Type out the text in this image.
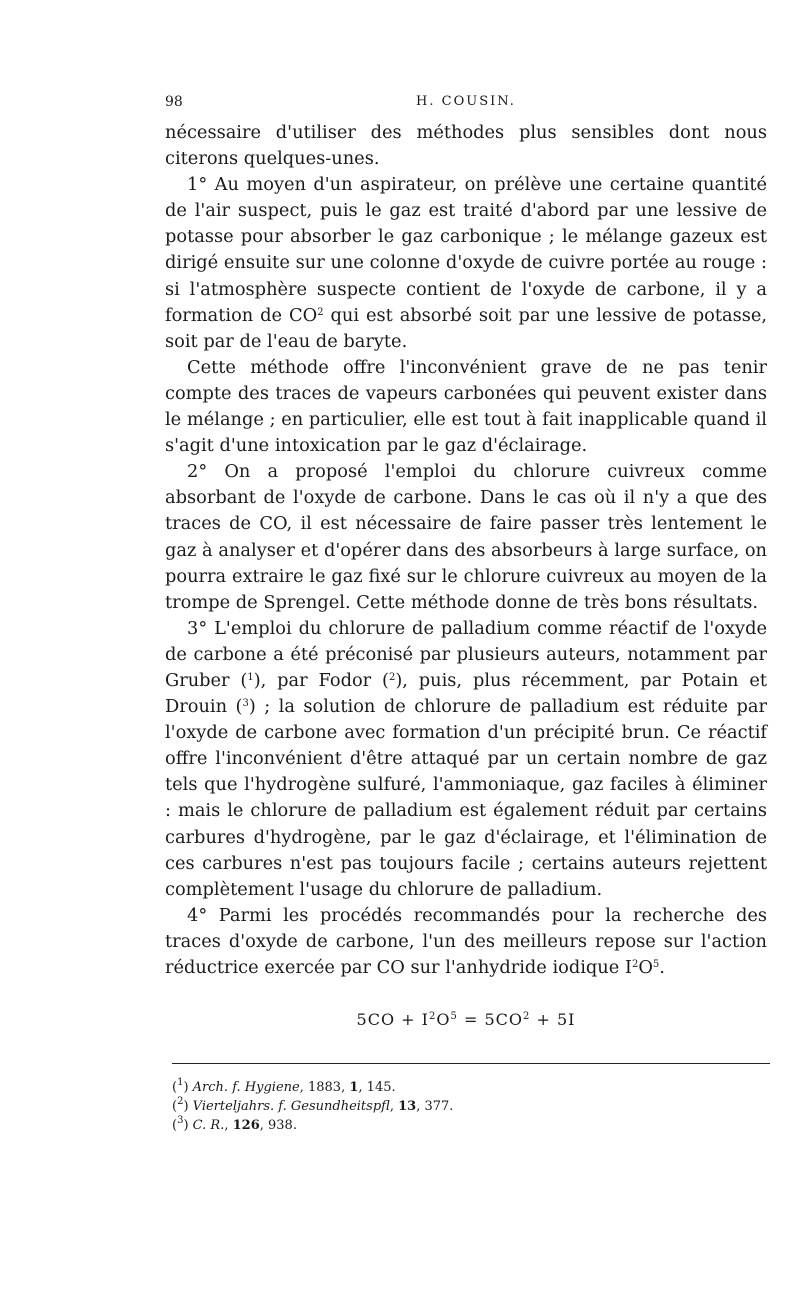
98	H. COUSIN.

nécessaire d'utiliser des méthodes plus sensibles dont nous citerons quelques-unes.

1° Au moyen d'un aspirateur, on prélève une certaine quantité de l'air suspect, puis le gaz est traité d'abord par une lessive de potasse pour absorber le gaz carbonique ; le mélange gazeux est dirigé ensuite sur une colonne d'oxyde de cuivre portée au rouge : si l'atmosphère suspecte contient de l'oxyde de carbone, il y a formation de $CO^2$ qui est absorbé soit par une lessive de potasse, soit par de l'eau de baryte.

Cette méthode offre l'inconvénient grave de ne pas tenir compte des traces de vapeurs carbonées qui peuvent exister dans le mélange ; en particulier, elle est tout à fait inapplicable quand il s'agit d'une intoxication par le gaz d'éclairage.

2° On a proposé l'emploi du chlorure cuivreux comme absorbant de l'oxyde de carbone. Dans le cas où il n'y a que des traces de CO, il est nécessaire de faire passer très lentement le gaz à analyser et d'opérer dans des absorbeurs à large surface, on pourra extraire le gaz fixé sur le chlorure cuivreux au moyen de la trompe de Sprengel. Cette méthode donne de très bons résultats.

3° L'emploi du chlorure de palladium comme réactif de l'oxyde de carbone a été préconisé par plusieurs auteurs, notamment par Gruber ($^1$), par Fodor ($^2$), puis, plus récemment, par Potain et Drouin ($^3$) ; la solution de chlorure de palladium est réduite par l'oxyde de carbone avec formation d'un précipité brun. Ce réactif offre l'inconvénient d'être attaqué par un certain nombre de gaz tels que l'hydrogène sulfuré, l'ammoniaque, gaz faciles à éliminer : mais le chlorure de palladium est également réduit par certains carbures d'hydrogène, par le gaz d'éclairage, et l'élimination de ces carbures n'est pas toujours facile ; certains auteurs rejettent complètement l'usage du chlorure de palladium.

4° Parmi les procédés recommandés pour la recherche des traces d'oxyde de carbone, l'un des meilleurs repose sur l'action réductrice exercée par CO sur l'anhydride iodique $I^2O^5$.

$5CO + I^2O^5 = 5CO^2 + 5I$
($^1$) Arch. f. Hygiene, 1883, 1, 145.
($^2$) Vierteljahrs. f. Gesundheitspfl, 13, 377.
($^3$) C. R., 126, 938.
